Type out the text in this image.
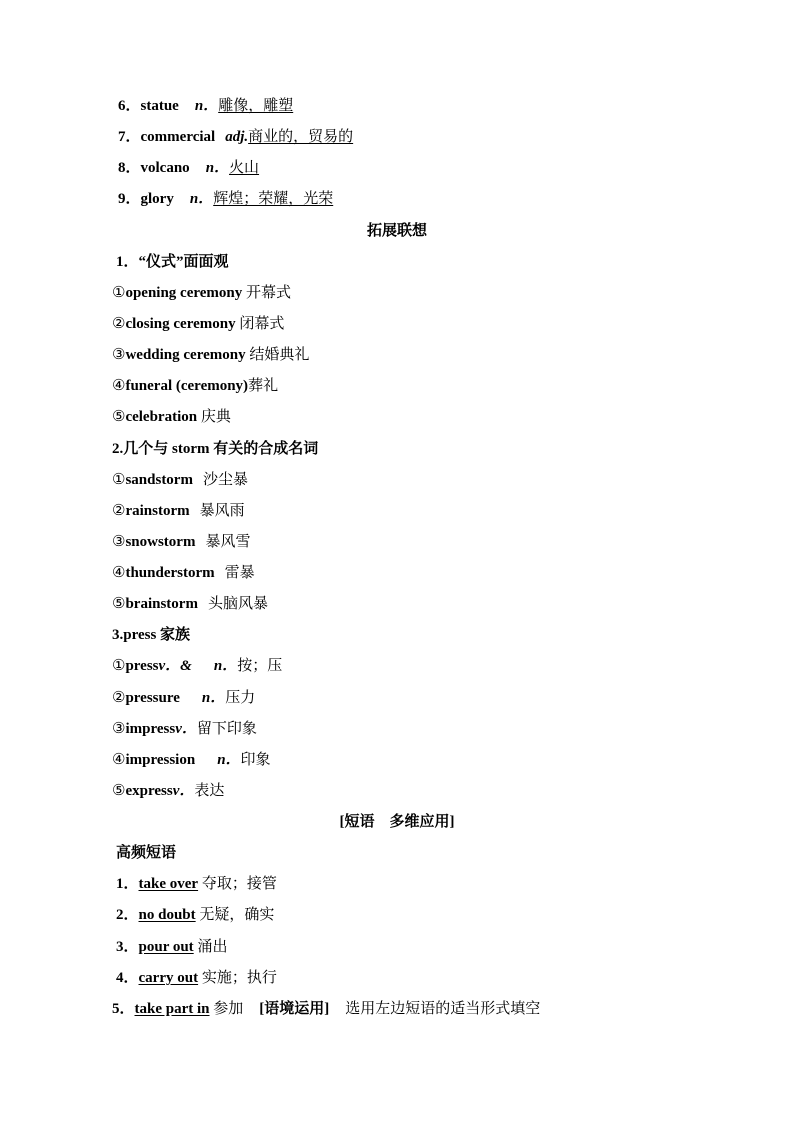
6．statue n．雕像，雕塑
7．commercial adj.商业的，贸易的
8．volcano n．火山
9．glory n．辉煌；荣耀，光荣
拓展联想
1．“仪式”面面观
①opening ceremony 开幕式
②closing ceremony 闭幕式
③wedding ceremony 结婚典礼
④funeral (ceremony)葬礼
⑤celebration 庆典
2.几个与 storm 有关的合成名词
①sandstorm 沙尘暴
②rainstorm 暴风雨
③snowstorm 暴风雪
④thunderstorm 雷暴
⑤brainstorm 头脑风暴
3.press 家族
①pressv．& n．按；压
②pressure n．压力
③impressv．留下印象
④impression n．印象
⑤expressv．表达
[短语　多维应用]
高频短语
1．take over 夺取；接管
2．no doubt 无疑，确实
3．pour out 涌出
4．carry out 实施；执行
5．take part in 参加 [语境运用] 选用左边短语的适当形式填空
